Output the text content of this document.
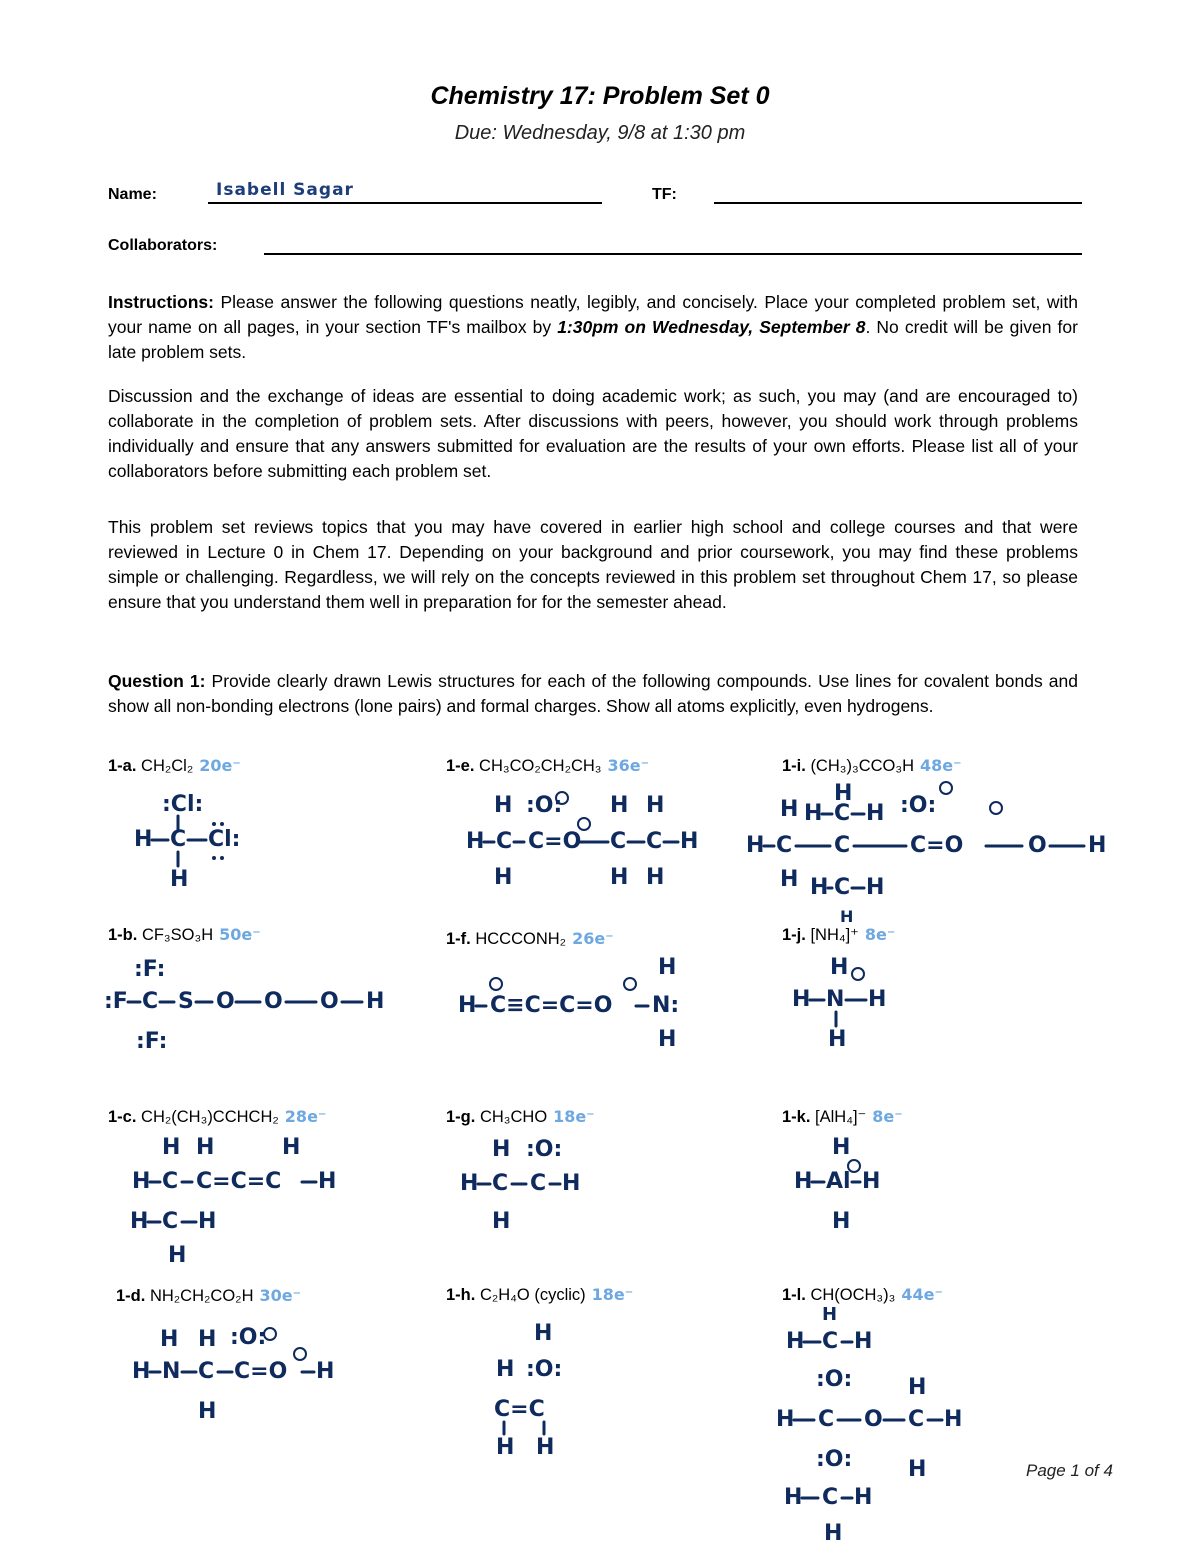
Chemistry 17: Problem Set 0
Due: Wednesday, 9/8 at 1:30 pm
Name:	Isabell Sagar	TF:
Collaborators:
Instructions: Please answer the following questions neatly, legibly, and concisely. Place your completed problem set, with your name on all pages, in your section TF's mailbox by 1:30pm on Wednesday, September 8. No credit will be given for late problem sets.
Discussion and the exchange of ideas are essential to doing academic work; as such, you may (and are encouraged to) collaborate in the completion of problem sets. After discussions with peers, however, you should work through problems individually and ensure that any answers submitted for evaluation are the results of your own efforts. Please list all of your collaborators before submitting each problem set.
This problem set reviews topics that you may have covered in earlier high school and college courses and that were reviewed in Lecture 0 in Chem 17. Depending on your background and prior coursework, you may find these problems simple or challenging. Regardless, we will rely on the concepts reviewed in this problem set throughout Chem 17, so please ensure that you understand them well in preparation for for the semester ahead.
Question 1: Provide clearly drawn Lewis structures for each of the following compounds. Use lines for covalent bonds and show all non-bonding electrons (lone pairs) and formal charges. Show all atoms explicitly, even hydrogens.
1-a. CH₂Cl₂ 20e⁻
1-b. CF₃SO₃H 50e⁻
1-c. CH₂(CH₃)CCHCH₂ 28e⁻
1-d. NH₂CH₂CO₂H 30e⁻
1-e. CH₃CO₂CH₂CH₃ 36e⁻
1-f. HCCCONH₂ 26e⁻
1-g. CH₃CHO 18e⁻
1-h. C₂H₄O (cyclic) 18e⁻
1-i. (CH₃)₃CCO₃H 48e⁻
1-j. [NH₄]⁺ 8e⁻
1-k. [AlH₄]⁻ 8e⁻
1-l. CH(OCH₃)₃ 44e⁻
:Cl:
H C Cl:
H
H :O: H H
H C C=O C C H
H	H H
H
H C H
H	:O:
H C C	C=O	O H
H H C H
H
:F:
:F C S O O O H
:F:
H
H C≡C=C=O N:
H
H
H N H
H
H H	H
H C C=C=C H
H C H
H
H :O:
H C C H
H
H
H Al H
H
H H :O:
H N C C=O H
H
H
H :O:
C=C
H H
H
H C H
:O:	H
H C O C H
:O:	H
H C H
H
Page 1 of 4
